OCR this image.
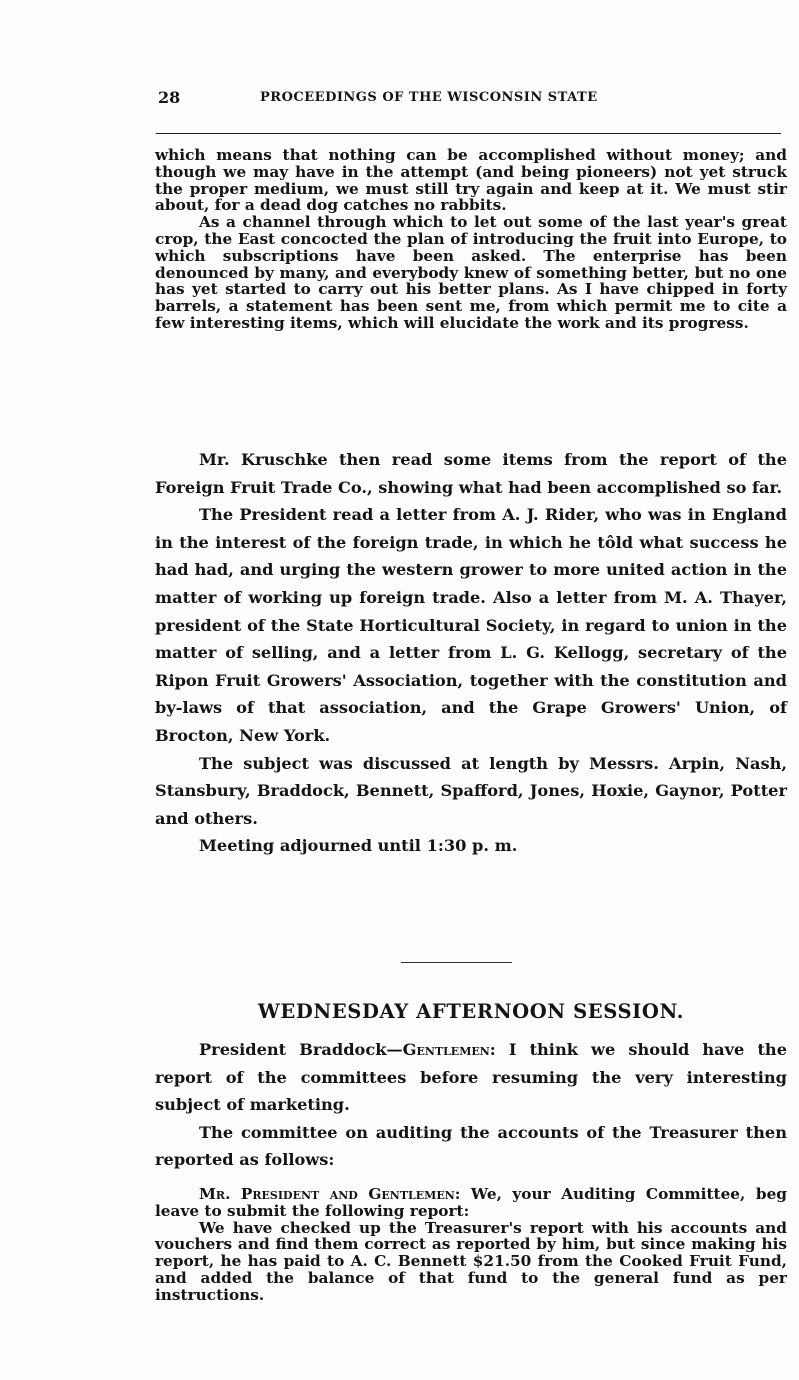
28	PROCEEDINGS OF THE WISCONSIN STATE

which means that nothing can be accomplished without money; and though we may have in the attempt (and being pioneers) not yet struck the proper medium, we must still try again and keep at it. We must stir about, for a dead dog catches no rabbits.

As a channel through which to let out some of the last year's great crop, the East concocted the plan of introducing the fruit into Europe, to which subscriptions have been asked. The enterprise has been denounced by many, and everybody knew of something better, but no one has yet started to carry out his better plans. As I have chipped in forty barrels, a statement has been sent me, from which permit me to cite a few interesting items, which will elucidate the work and its progress.

Mr. Kruschke then read some items from the report of the Foreign Fruit Trade Co., showing what had been accomplished so far.

The President read a letter from A. J. Rider, who was in England in the interest of the foreign trade, in which he tôld what success he had had, and urging the western grower to more united action in the matter of working up foreign trade. Also a letter from M. A. Thayer, president of the State Horticultural Society, in regard to union in the matter of selling, and a letter from L. G. Kellogg, secretary of the Ripon Fruit Growers' Association, together with the constitution and by-laws of that association, and the Grape Growers' Union, of Brocton, New York.

The subject was discussed at length by Messrs. Arpin, Nash, Stansbury, Braddock, Bennett, Spafford, Jones, Hoxie, Gaynor, Potter and others.

Meeting adjourned until 1:30 p. m.

WEDNESDAY AFTERNOON SESSION.

President Braddock—Gentlemen: I think we should have the report of the committees before resuming the very interesting subject of marketing.

The committee on auditing the accounts of the Treasurer then reported as follows:

Mr. President and Gentlemen: We, your Auditing Committee, beg leave to submit the following report:

We have checked up the Treasurer's report with his accounts and vouchers and find them correct as reported by him, but since making his report, he has paid to A. C. Bennett $21.50 from the Cooked Fruit Fund, and added the balance of that fund to the general fund as per instructions.
